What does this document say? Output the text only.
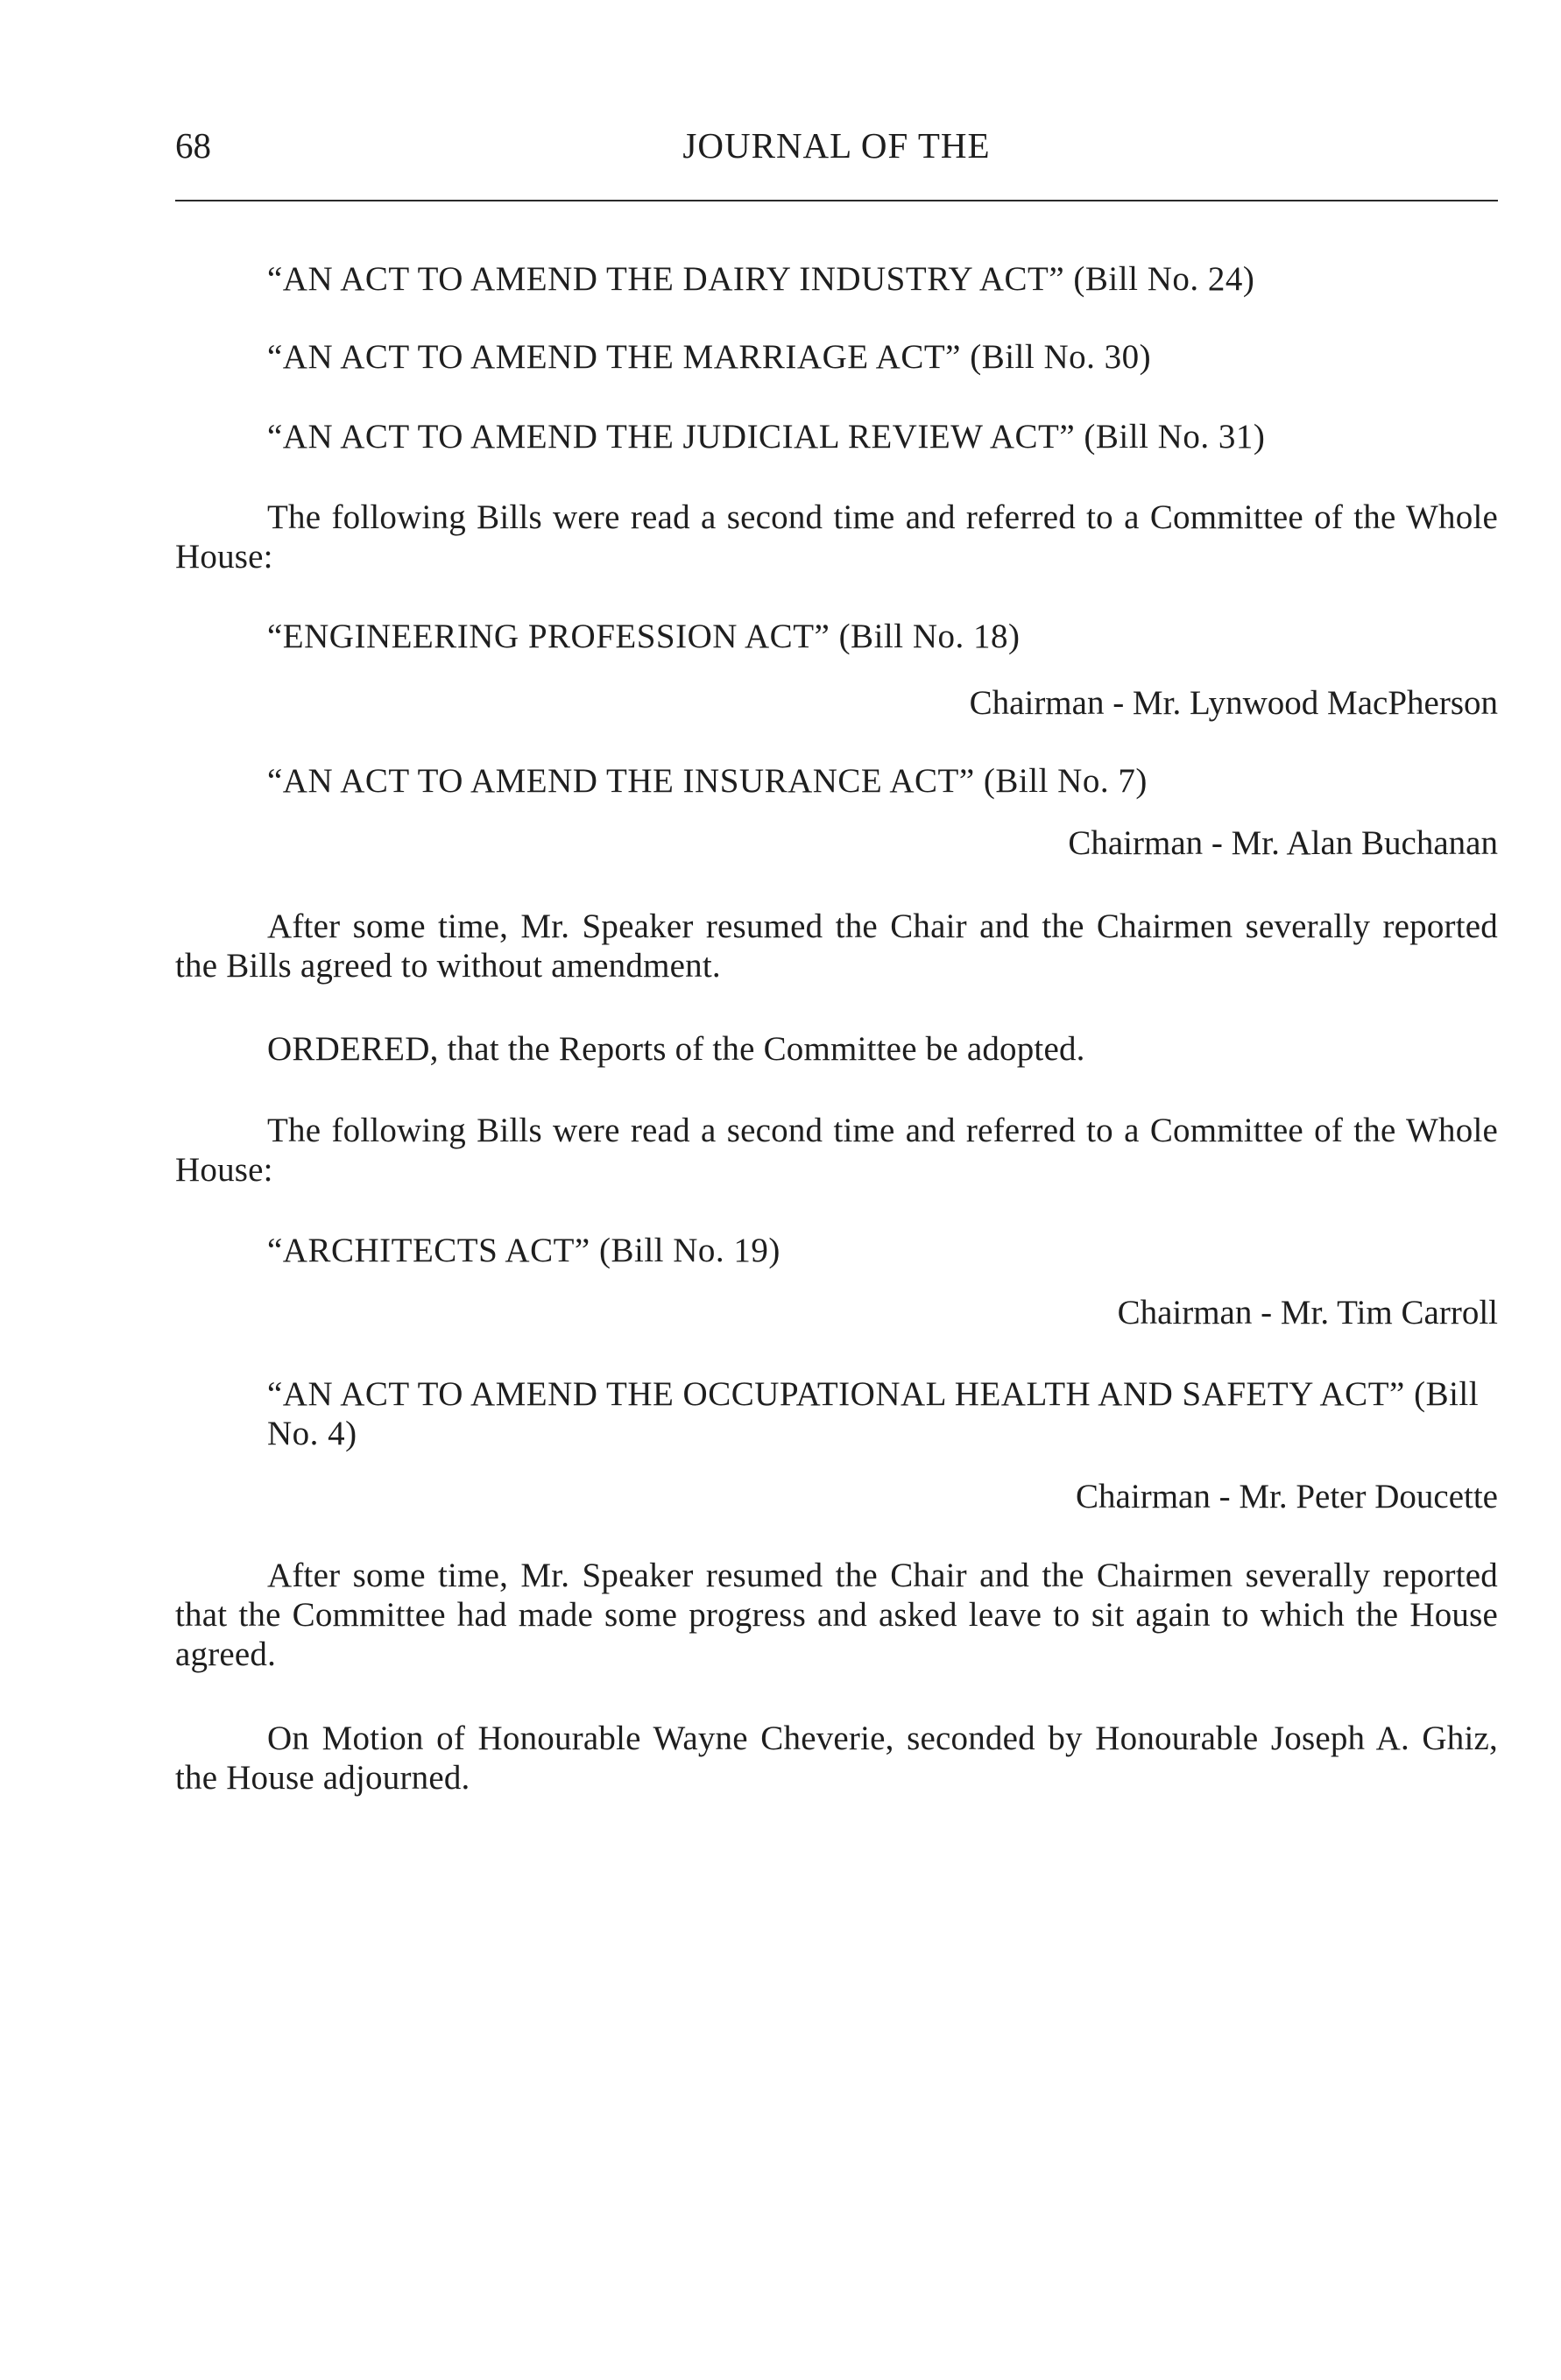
68	JOURNAL OF THE
“AN ACT TO AMEND THE DAIRY INDUSTRY ACT” (Bill No. 24)
“AN ACT TO AMEND THE MARRIAGE ACT” (Bill No. 30)
“AN ACT TO AMEND THE JUDICIAL REVIEW ACT” (Bill No. 31)
The following Bills were read a second time and referred to a Committee of the Whole House:
“ENGINEERING PROFESSION ACT” (Bill No. 18)
Chairman - Mr. Lynwood MacPherson
“AN ACT TO AMEND THE INSURANCE ACT” (Bill No. 7)
Chairman - Mr. Alan Buchanan
After some time, Mr. Speaker resumed the Chair and the Chairmen severally reported the Bills agreed to without amendment.
ORDERED, that the Reports of the Committee be adopted.
The following Bills were read a second time and referred to a Committee of the Whole House:
“ARCHITECTS ACT” (Bill No. 19)
Chairman - Mr. Tim Carroll
“AN ACT TO AMEND THE OCCUPATIONAL HEALTH AND SAFETY ACT” (Bill No. 4)
Chairman - Mr. Peter Doucette
After some time, Mr. Speaker resumed the Chair and the Chairmen severally reported that the Committee had made some progress and asked leave to sit again to which the House agreed.
On Motion of Honourable Wayne Cheverie, seconded by Honourable Joseph A. Ghiz, the House adjourned.
